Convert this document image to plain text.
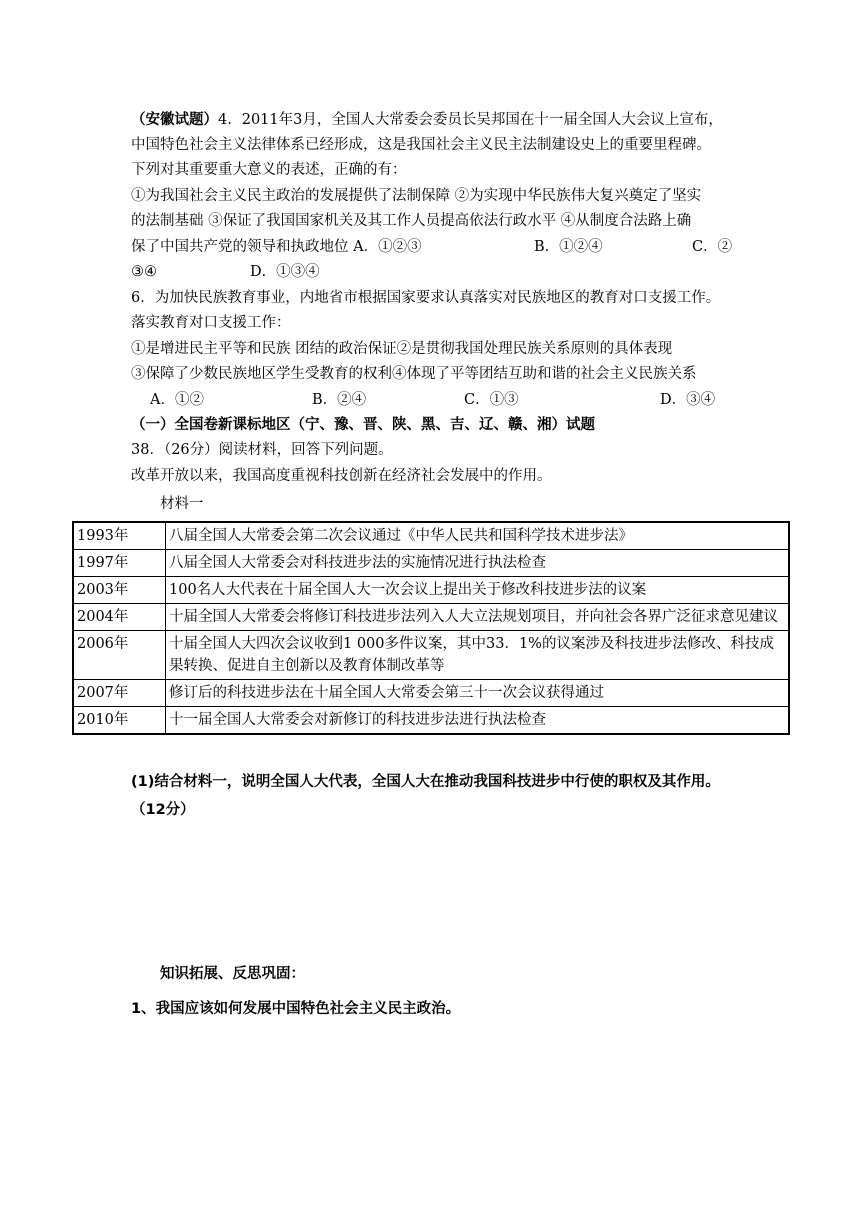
（安徽试题）4．2011年3月，全国人大常委会委员长吴邦国在十一届全国人大会议上宣布，
中国特色社会主义法律体系已经形成，这是我国社会主义民主法制建设史上的重要里程碑。
下列对其重要重大意义的表述，正确的有：
①为我国社会主义民主政治的发展提供了法制保障 ②为实现中华民族伟大复兴奠定了坚实
的法制基础 ③保证了我国国家机关及其工作人员提高依法行政水平 ④从制度合法路上确
保了中国共产党的领导和执政地位 A．①②③	B．①②④	C．②
③④	D．①③④
6．为加快民族教育事业，内地省市根据国家要求认真落实对民族地区的教育对口支援工作。
落实教育对口支援工作：
①是增进民主平等和民族 团结的政治保证②是贯彻我国处理民族关系原则的具体表现
③保障了少数民族地区学生受教育的权利④体现了平等团结互助和谐的社会主义民族关系
A．①②	B．②④	C．①③	D．③④
（一）全国卷新课标地区（宁、豫、晋、陕、黑、吉、辽、赣、湘）试题
38．（26分）阅读材料，回答下列问题。
改革开放以来，我国高度重视科技创新在经济社会发展中的作用。
材料一
1993年	八届全国人大常委会第二次会议通过《中华人民共和国科学技术进步法》
1997年	八届全国人大常委会对科技进步法的实施情况进行执法检查
2003年	100名人大代表在十届全国人大一次会议上提出关于修改科技进步法的议案
2004年	十届全国人大常委会将修订科技进步法列入人大立法规划项目，并向社会各界广泛征求意见建议
2006年	十届全国人大四次会议收到1 000多件议案，其中33．1%的议案涉及科技进步法修改、科技成果转换、促进自主创新以及教育体制改革等
2007年	修订后的科技进步法在十届全国人大常委会第三十一次会议获得通过
2010年	十一届全国人大常委会对新修订的科技进步法进行执法检查
(1)结合材料一，说明全国人大代表，全国人大在推动我国科技进步中行使的职权及其作用。
（12分）
知识拓展、反思巩固：
1、我国应该如何发展中国特色社会主义民主政治。
